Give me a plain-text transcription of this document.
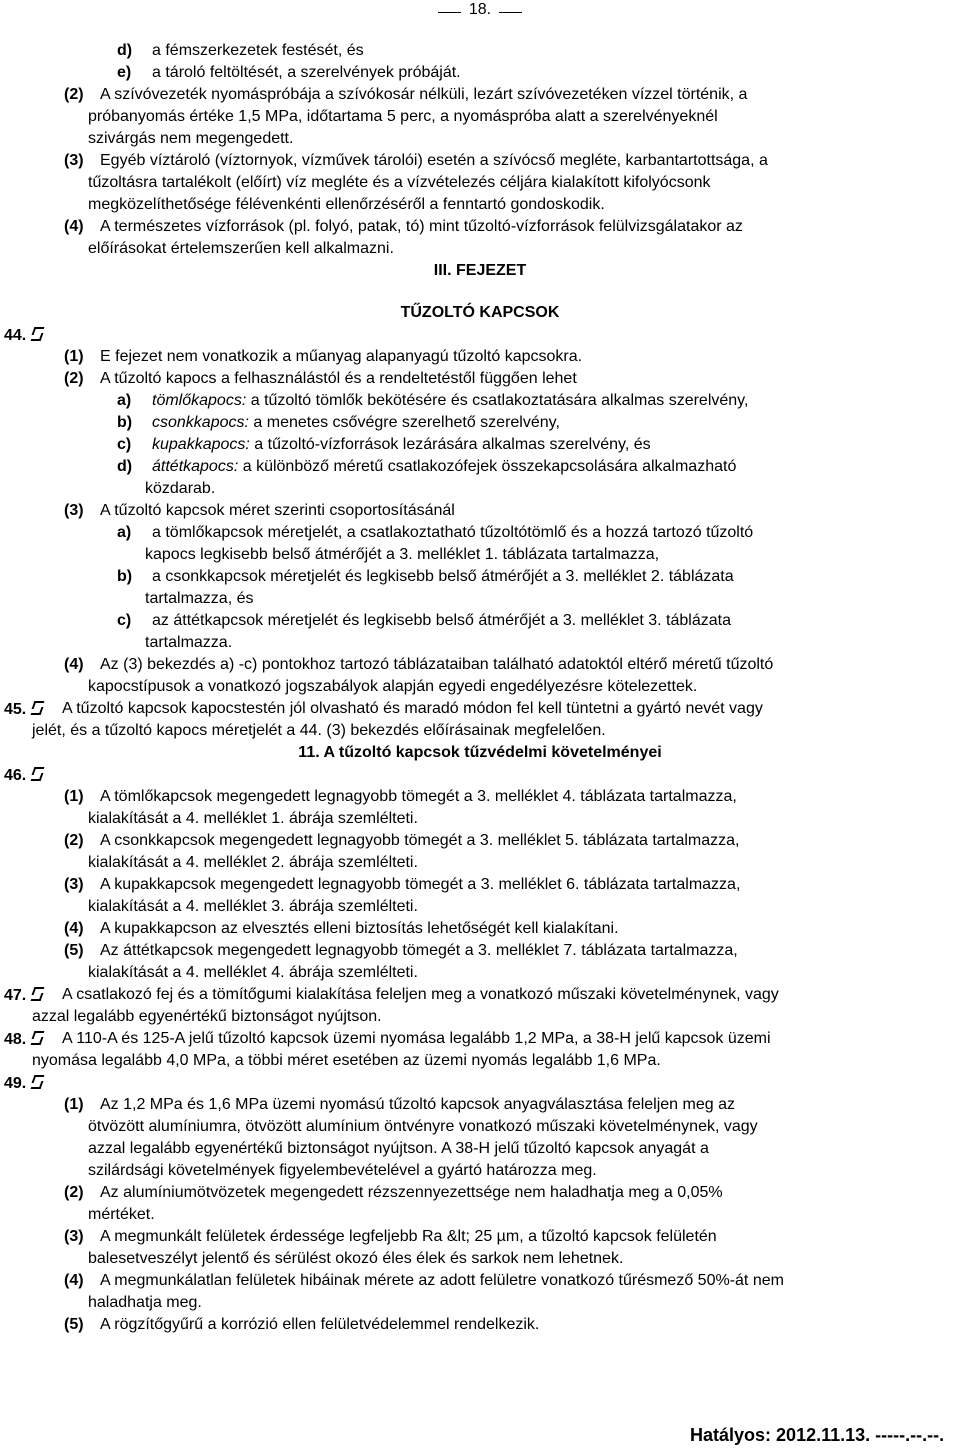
18.
d) a fémszerkezetek festését, és
e) a tároló feltöltését, a szerelvények próbáját.
(2) A szívóvezeték nyomáspróbája a szívókosár nélküli, lezárt szívóvezetéken vízzel történik, a
próbanyomás értéke 1,5 MPa, időtartama 5 perc, a nyomáspróba alatt a szerelvényeknél
szivárgás nem megengedett.
(3) Egyéb víztároló (víztornyok, vízművek tárolói) esetén a szívócső megléte, karbantartottsága, a
tűzoltásra tartalékolt (előírt) víz megléte és a vízvételezés céljára kialakított kifolyócsonk
megközelíthetősége félévenkénti ellenőrzéséről a fenntartó gondoskodik.
(4) A természetes vízforrások (pl. folyó, patak, tó) mint tűzoltó-vízforrások felülvizsgálatakor az
előírásokat értelemszerűen kell alkalmazni.
III. FEJEZET
TŰZOLTÓ KAPCSOK
44.
(1) E fejezet nem vonatkozik a műanyag alapanyagú tűzoltó kapcsokra.
(2) A tűzoltó kapocs a felhasználástól és a rendeltetéstől függően lehet
a) tömlőkapocs: a tűzoltó tömlők bekötésére és csatlakoztatására alkalmas szerelvény,
b) csonkkapocs: a menetes csővégre szerelhető szerelvény,
c) kupakkapocs: a tűzoltó-vízforrások lezárására alkalmas szerelvény, és
d) áttétkapocs: a különböző méretű csatlakozófejek összekapcsolására alkalmazható
közdarab.
(3) A tűzoltó kapcsok méret szerinti csoportosításánál
a) a tömlőkapcsok méretjelét, a csatlakoztatható tűzoltótömlő és a hozzá tartozó tűzoltó
kapocs legkisebb belső átmérőjét a 3. melléklet 1. táblázata tartalmazza,
b) a csonkkapcsok méretjelét és legkisebb belső átmérőjét a 3. melléklet 2. táblázata
tartalmazza, és
c) az áttétkapcsok méretjelét és legkisebb belső átmérőjét a 3. melléklet 3. táblázata
tartalmazza.
(4) Az (3) bekezdés a) -c) pontokhoz tartozó táblázataiban található adatoktól eltérő méretű tűzoltó
kapocstípusok a vonatkozó jogszabályok alapján egyedi engedélyezésre kötelezettek.
45.	A tűzoltó kapcsok kapocstestén jól olvasható és maradó módon fel kell tüntetni a gyártó nevét vagy
jelét, és a tűzoltó kapocs méretjelét a 44. (3) bekezdés előírásainak megfelelően.
11. A tűzoltó kapcsok tűzvédelmi követelményei
46.
(1) A tömlőkapcsok megengedett legnagyobb tömegét a 3. melléklet 4. táblázata tartalmazza,
kialakítását a 4. melléklet 1. ábrája szemlélteti.
(2) A csonkkapcsok megengedett legnagyobb tömegét a 3. melléklet 5. táblázata tartalmazza,
kialakítását a 4. melléklet 2. ábrája szemlélteti.
(3) A kupakkapcsok megengedett legnagyobb tömegét a 3. melléklet 6. táblázata tartalmazza,
kialakítását a 4. melléklet 3. ábrája szemlélteti.
(4) A kupakkapcson az elvesztés elleni biztosítás lehetőségét kell kialakítani.
(5) Az áttétkapcsok megengedett legnagyobb tömegét a 3. melléklet 7. táblázata tartalmazza,
kialakítását a 4. melléklet 4. ábrája szemlélteti.
47.	A csatlakozó fej és a tömítőgumi kialakítása feleljen meg a vonatkozó műszaki követelménynek, vagy
azzal legalább egyenértékű biztonságot nyújtson.
48.	A 110-A és 125-A jelű tűzoltó kapcsok üzemi nyomása legalább 1,2 MPa, a 38-H jelű kapcsok üzemi
nyomása legalább 4,0 MPa, a többi méret esetében az üzemi nyomás legalább 1,6 MPa.
49.
(1) Az 1,2 MPa és 1,6 MPa üzemi nyomású tűzoltó kapcsok anyagválasztása feleljen meg az
ötvözött alumíniumra, ötvözött alumínium öntvényre vonatkozó műszaki követelménynek, vagy
azzal legalább egyenértékű biztonságot nyújtson. A 38-H jelű tűzoltó kapcsok anyagát a
szilárdsági követelmények figyelembevételével a gyártó határozza meg.
(2) Az alumíniumötvözetek megengedett rézszennyezettsége nem haladhatja meg a 0,05%
mértéket.
(3) A megmunkált felületek érdessége legfeljebb Ra &lt; 25 µm, a tűzoltó kapcsok felületén
balesetveszélyt jelentő és sérülést okozó éles élek és sarkok nem lehetnek.
(4) A megmunkálatlan felületek hibáinak mérete az adott felületre vonatkozó tűrésmező 50%-át nem
haladhatja meg.
(5) A rögzítőgyűrű a korrózió ellen felületvédelemmel rendelkezik.
Hatályos: 2012.11.13. -----.--.--.
